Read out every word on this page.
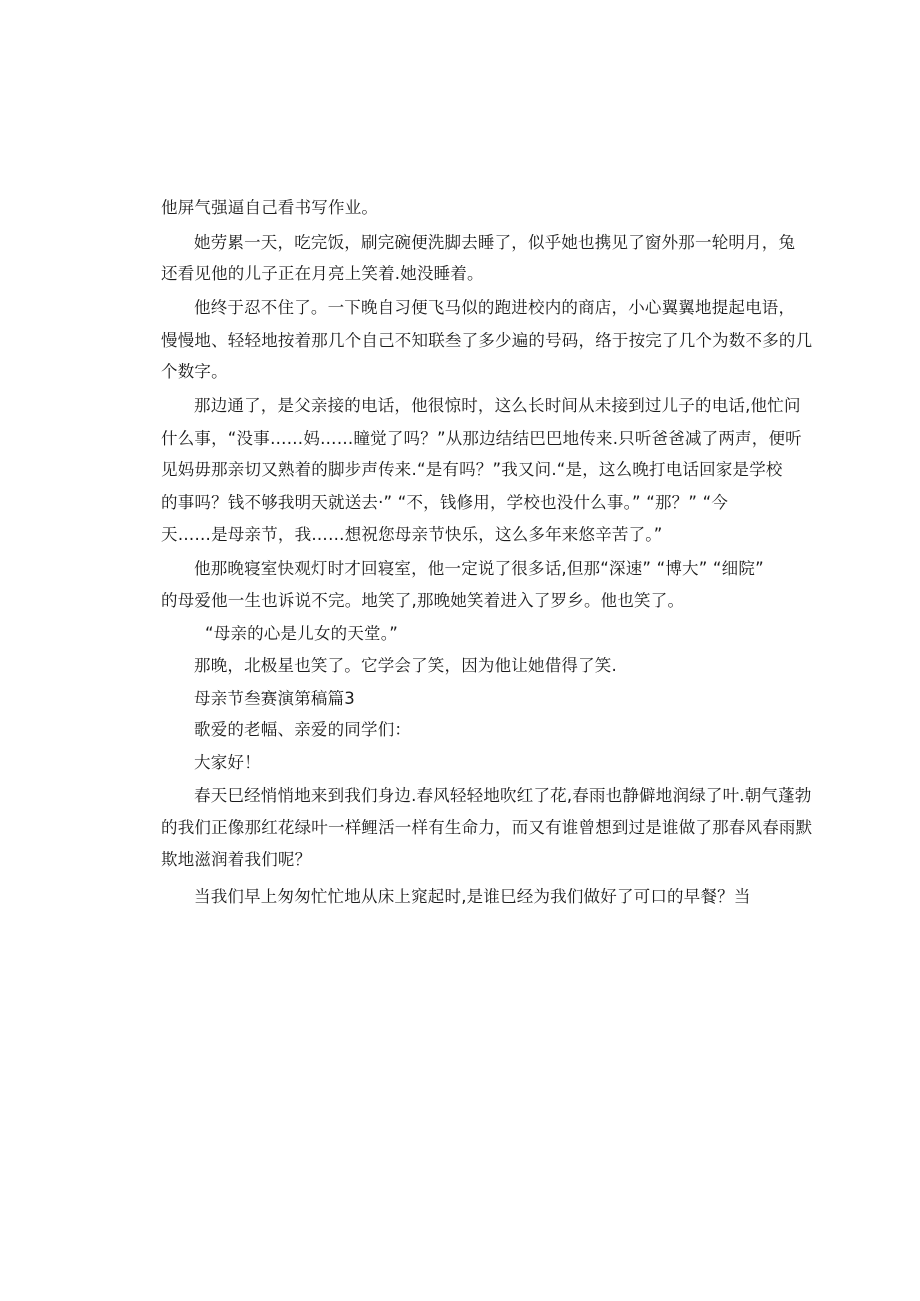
他屏气强逼自己看书写作业。
她劳累一天，吃完饭，刷完碗便洗脚去睡了，似乎她也携见了窗外那一轮明月，兔
还看见他的儿子正在月亮上笑着.她没睡着。
他终于忍不住了。一下晚自习便飞马似的跑进校内的商店，小心翼翼地提起电语，
慢慢地、轻轻地按着那几个自己不知联叁了多少遍的号码，络于按完了几个为数不多的几
个数字。
那边通了，是父亲接的电话，他很惊时，这么长时间从未接到过儿子的电话,他忙问
什么事，“没事……妈……瞳觉了吗？”从那边结结巴巴地传来.只听爸爸减了两声，便听
见妈毋那亲切又熟着的脚步声传来.“是有吗？”我又问.“是，这么晚打电话回家是学校
的事吗？钱不够我明天就送去·” “不，钱修用，学校也没什么事。” “那？” “今
天……是母亲节，我……想祝您母亲节快乐，这么多年来悠辛苦了。”
他那晚寝室快观灯时才回寝室，他一定说了很多话,但那“深速” “博大” “细院”
的母爱他一生也诉说不完。地笑了,那晚她笑着进入了罗乡。他也笑了。
“母亲的心是儿女的天堂。”
那晚，北极星也笑了。它学会了笑，因为他让她借得了笑.
母亲节叁赛演第稿篇3
歌爱的老幅、亲爱的同学们：
大家好！
春天巳经悄悄地来到我们身边.春风轻轻地吹红了花,春雨也静僻地润绿了叶.朝气蓬勃
的我们正像那红花绿叶一样鲤活一样有生命力，而又有谁曾想到过是谁做了那春风春雨默
欺地滋润着我们呢？
当我们早上匆匆忙忙地从床上窕起时,是谁巳经为我们做好了可口的早餐？当
